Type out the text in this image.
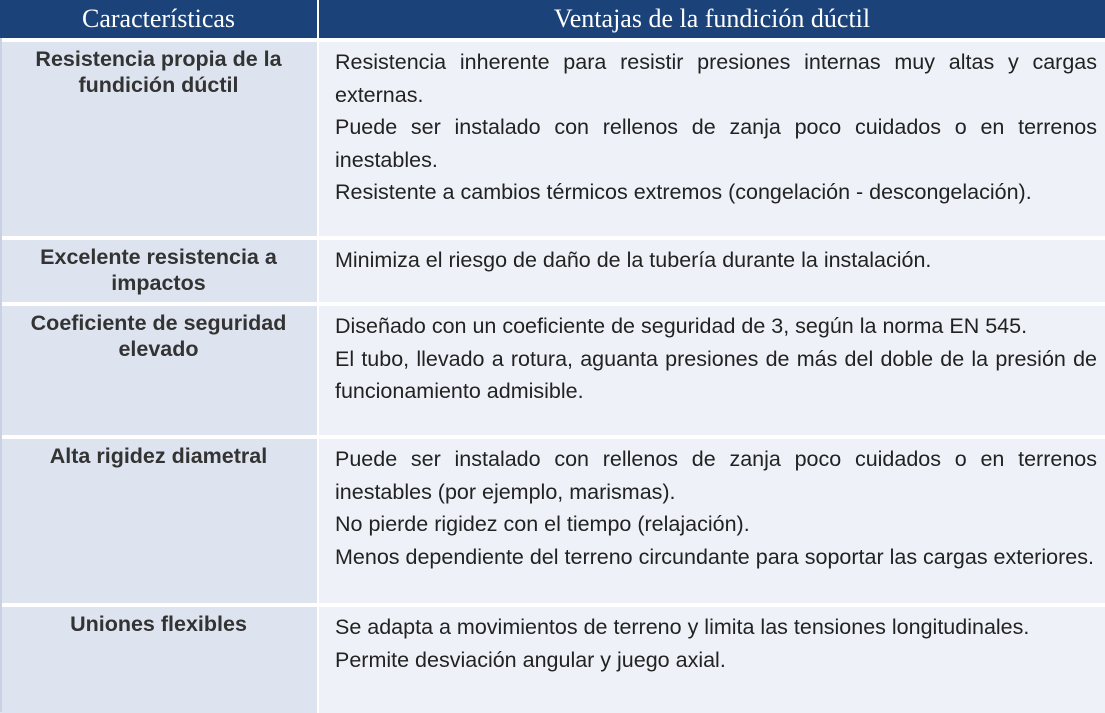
Características	Ventajas de la fundición dúctil
Resistencia propia de la fundición dúctil	Resistencia inherente para resistir presiones internas muy altas y cargas externas.
Puede ser instalado con rellenos de zanja poco cuidados o en terrenos inestables.
Resistente a cambios térmicos extremos (congelación - descongelación).

Excelente resistencia a impactos	Minimiza el riesgo de daño de la tubería durante la instalación.

Coeficiente de seguridad elevado	Diseñado con un coeficiente de seguridad de 3, según la norma EN 545.
El tubo, llevado a rotura, aguanta presiones de más del doble de la presión de funcionamiento admisible.

Alta rigidez diametral	Puede ser instalado con rellenos de zanja poco cuidados o en terrenos inestables (por ejemplo, marismas).
No pierde rigidez con el tiempo (relajación).
Menos dependiente del terreno circundante para soportar las cargas exteriores.

Uniones flexibles	Se adapta a movimientos de terreno y limita las tensiones longitudinales.
Permite desviación angular y juego axial.
